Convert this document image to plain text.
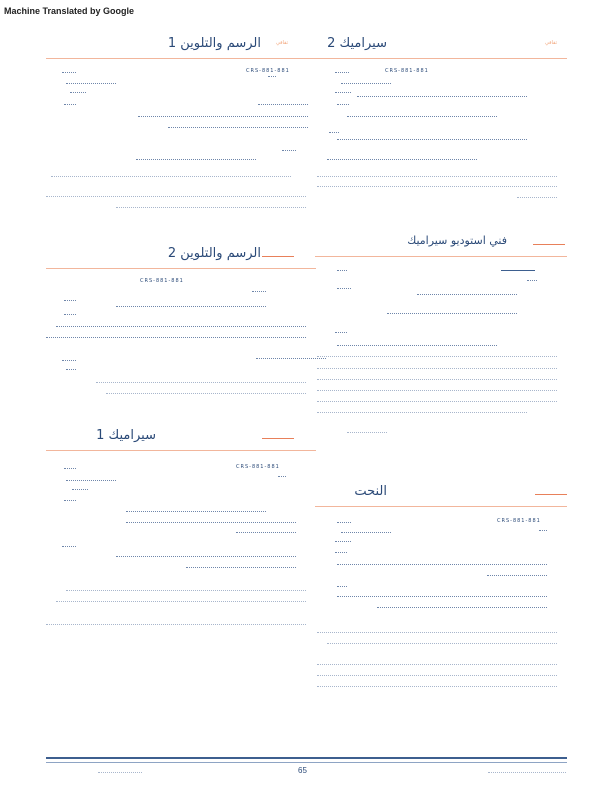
Machine Translated by Google
الرسم والتلوين 1	ثقافي
CRS-881-881
سيراميك 2	ثقافي
CRS-881-881
الرسم والتلوين 2
CRS-881-881
فني استوديو سيراميك
سيراميك 1
CRS-881-881
النحت
CRS-881-881
65
